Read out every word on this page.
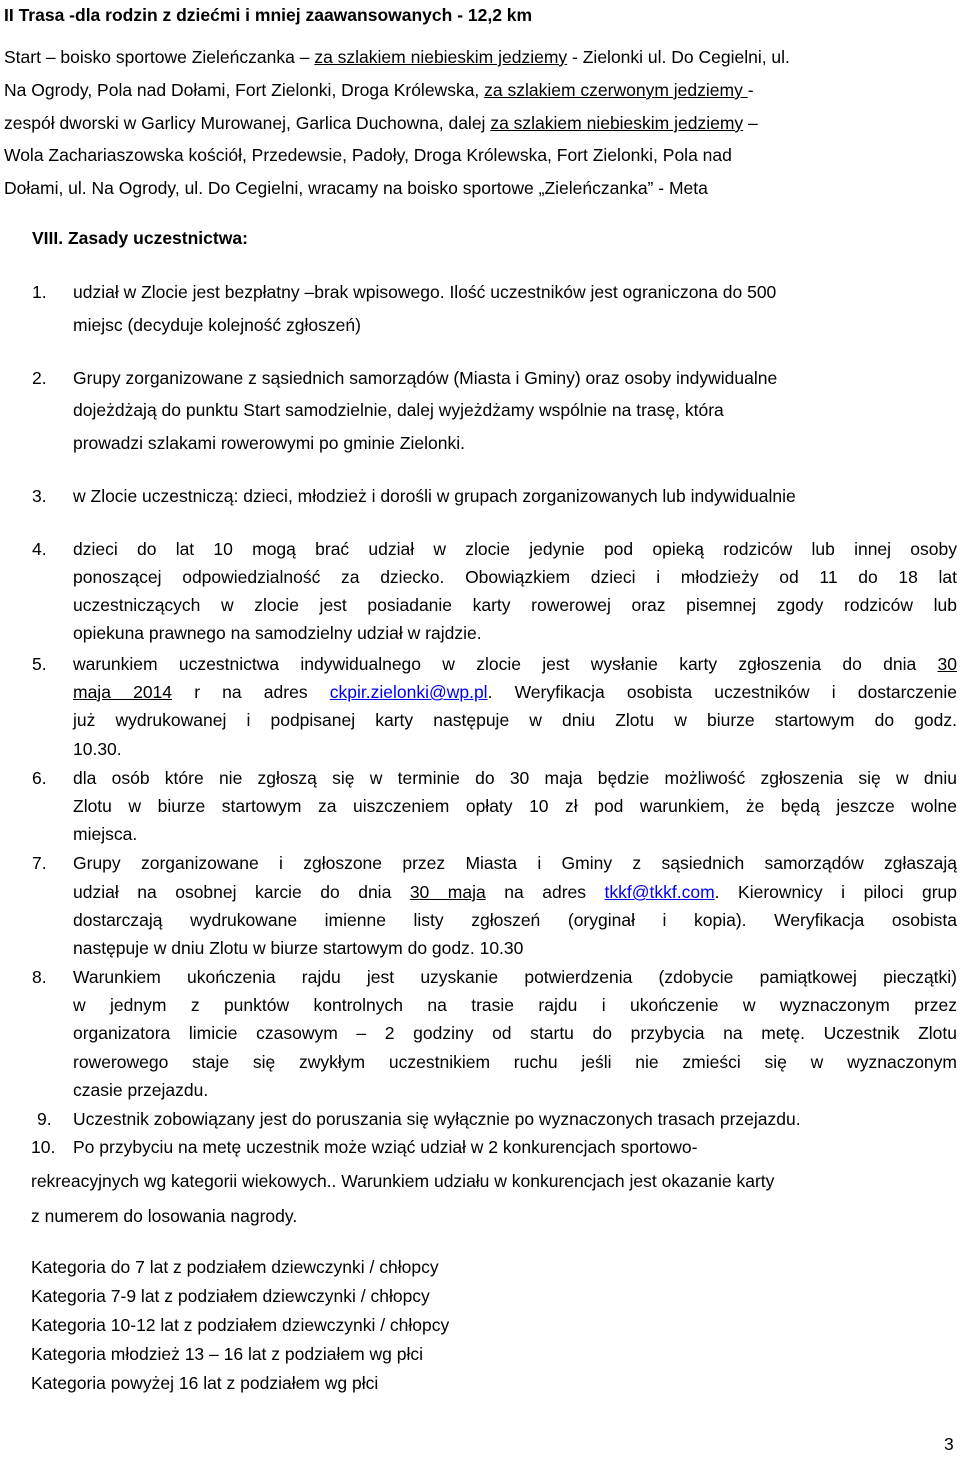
II Trasa -dla rodzin z dziećmi i mniej zaawansowanych - 12,2 km
Start – boisko sportowe Zieleńczanka – za szlakiem niebieskim jedziemy - Zielonki ul. Do Cegielni, ul.
Na Ogrody, Pola nad Dołami, Fort Zielonki, Droga Królewska, za szlakiem czerwonym jedziemy -
zespół dworski w Garlicy Murowanej, Garlica Duchowna, dalej za szlakiem niebieskim jedziemy –
Wola Zachariaszowska kościół, Przedewsie, Padoły, Droga Królewska, Fort Zielonki, Pola nad
Dołami, ul. Na Ogrody, ul. Do Cegielni, wracamy na boisko sportowe „Zieleńczanka” - Meta
VIII. Zasady uczestnictwa:
1. udział w Zlocie jest bezpłatny –brak wpisowego. Ilość uczestników jest ograniczona do 500
miejsc (decyduje kolejność zgłoszeń)
2. Grupy zorganizowane z sąsiednich samorządów (Miasta i Gminy) oraz osoby indywidualne
dojeżdżają do punktu Start samodzielnie, dalej wyjeżdżamy wspólnie na trasę, która
prowadzi szlakami rowerowymi po gminie Zielonki.
3. w Zlocie uczestniczą: dzieci, młodzież i dorośli w grupach zorganizowanych lub indywidualnie
4. dzieci do lat 10 mogą brać udział w zlocie jedynie pod opieką rodziców lub innej osoby
ponoszącej odpowiedzialność za dziecko. Obowiązkiem dzieci i młodzieży od 11 do 18 lat
uczestniczących w zlocie jest posiadanie karty rowerowej oraz pisemnej zgody rodziców lub
opiekuna prawnego na samodzielny udział w rajdzie.
5. warunkiem uczestnictwa indywidualnego w zlocie jest wysłanie karty zgłoszenia do dnia 30
maja 2014 r na adres ckpir.zielonki@wp.pl. Weryfikacja osobista uczestników i dostarczenie
już wydrukowanej i podpisanej karty następuje w dniu Zlotu w biurze startowym do godz.
10.30.
6. dla osób które nie zgłoszą się w terminie do 30 maja będzie możliwość zgłoszenia się w dniu
Zlotu w biurze startowym za uiszczeniem opłaty 10 zł pod warunkiem, że będą jeszcze wolne
miejsca.
7. Grupy zorganizowane i zgłoszone przez Miasta i Gminy z sąsiednich samorządów zgłaszają
udział na osobnej karcie do dnia 30 maja na adres tkkf@tkkf.com. Kierownicy i piloci grup
dostarczają wydrukowane imienne listy zgłoszeń (oryginał i kopia). Weryfikacja osobista
następuje w dniu Zlotu w biurze startowym do godz. 10.30
8. Warunkiem ukończenia rajdu jest uzyskanie potwierdzenia (zdobycie pamiątkowej pieczątki)
w jednym z punktów kontrolnych na trasie rajdu i ukończenie w wyznaczonym przez
organizatora limicie czasowym – 2 godziny od startu do przybycia na metę. Uczestnik Zlotu
rowerowego staje się zwykłym uczestnikiem ruchu jeśli nie zmieści się w wyznaczonym
czasie przejazdu.
9. Uczestnik zobowiązany jest do poruszania się wyłącznie po wyznaczonych trasach przejazdu.
10. Po przybyciu na metę uczestnik może wziąć udział w 2 konkurencjach sportowo-
rekreacyjnych wg kategorii wiekowych.. Warunkiem udziału w konkurencjach jest okazanie karty
z numerem do losowania nagrody.
Kategoria do 7 lat z podziałem dziewczynki / chłopcy
Kategoria 7-9 lat z podziałem dziewczynki / chłopcy
Kategoria 10-12 lat z podziałem dziewczynki / chłopcy
Kategoria młodzież 13 – 16 lat z podziałem wg płci
Kategoria powyżej 16 lat z podziałem wg płci
3
